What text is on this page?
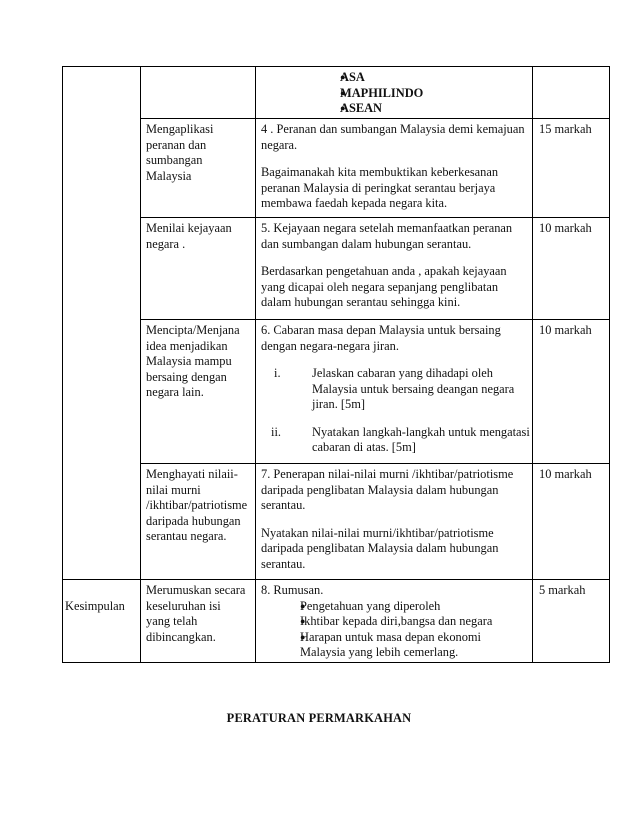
● ASA
● MAPHILINDO
● ASEAN

Mengaplikasi

peranan dan

sumbangan

Malaysia

4 . Peranan dan sumbangan Malaysia demi kemajuan

negara.

Bagaimanakah kita membuktikan keberkesanan

peranan Malaysia di peringkat serantau berjaya

membawa faedah kepada negara kita.

15 markah

Menilai kejayaan

negara .

5. Kejayaan negara setelah memanfaatkan peranan

dan sumbangan dalam hubungan serantau.

Berdasarkan pengetahuan anda , apakah kejayaan

yang dicapai oleh negara sepanjang penglibatan

dalam hubungan serantau sehingga kini.

10 markah

Mencipta/Menjana

idea menjadikan

Malaysia mampu

bersaing dengan

negara lain.

6. Cabaran masa depan Malaysia untuk bersaing

dengan negara-negara jiran.

i.	Jelaskan cabaran yang dihadapi oleh

Malaysia untuk bersaing deangan negara

jiran. [5m]

ii.	Nyatakan langkah-langkah untuk mengatasi

cabaran di atas. [5m]

10 markah

Menghayati nilaii-

nilai murni

/ikhtibar/patriotisme

daripada hubungan

serantau negara.

7. Penerapan nilai-nilai murni /ikhtibar/patriotisme

daripada penglibatan Malaysia dalam hubungan

serantau.

Nyatakan nilai-nilai murni/ikhtibar/patriotisme

daripada penglibatan Malaysia dalam hubungan

serantau.

10 markah

Kesimpulan

Merumuskan secara

keseluruhan isi

yang telah

dibincangkan.

8. Rumusan.

● Pengetahuan yang diperoleh
● Ikhtibar kepada diri,bangsa dan negara
● Harapan untuk masa depan ekonomi
Malaysia yang lebih cemerlang.

5 markah

PERATURAN PERMARKAHAN
